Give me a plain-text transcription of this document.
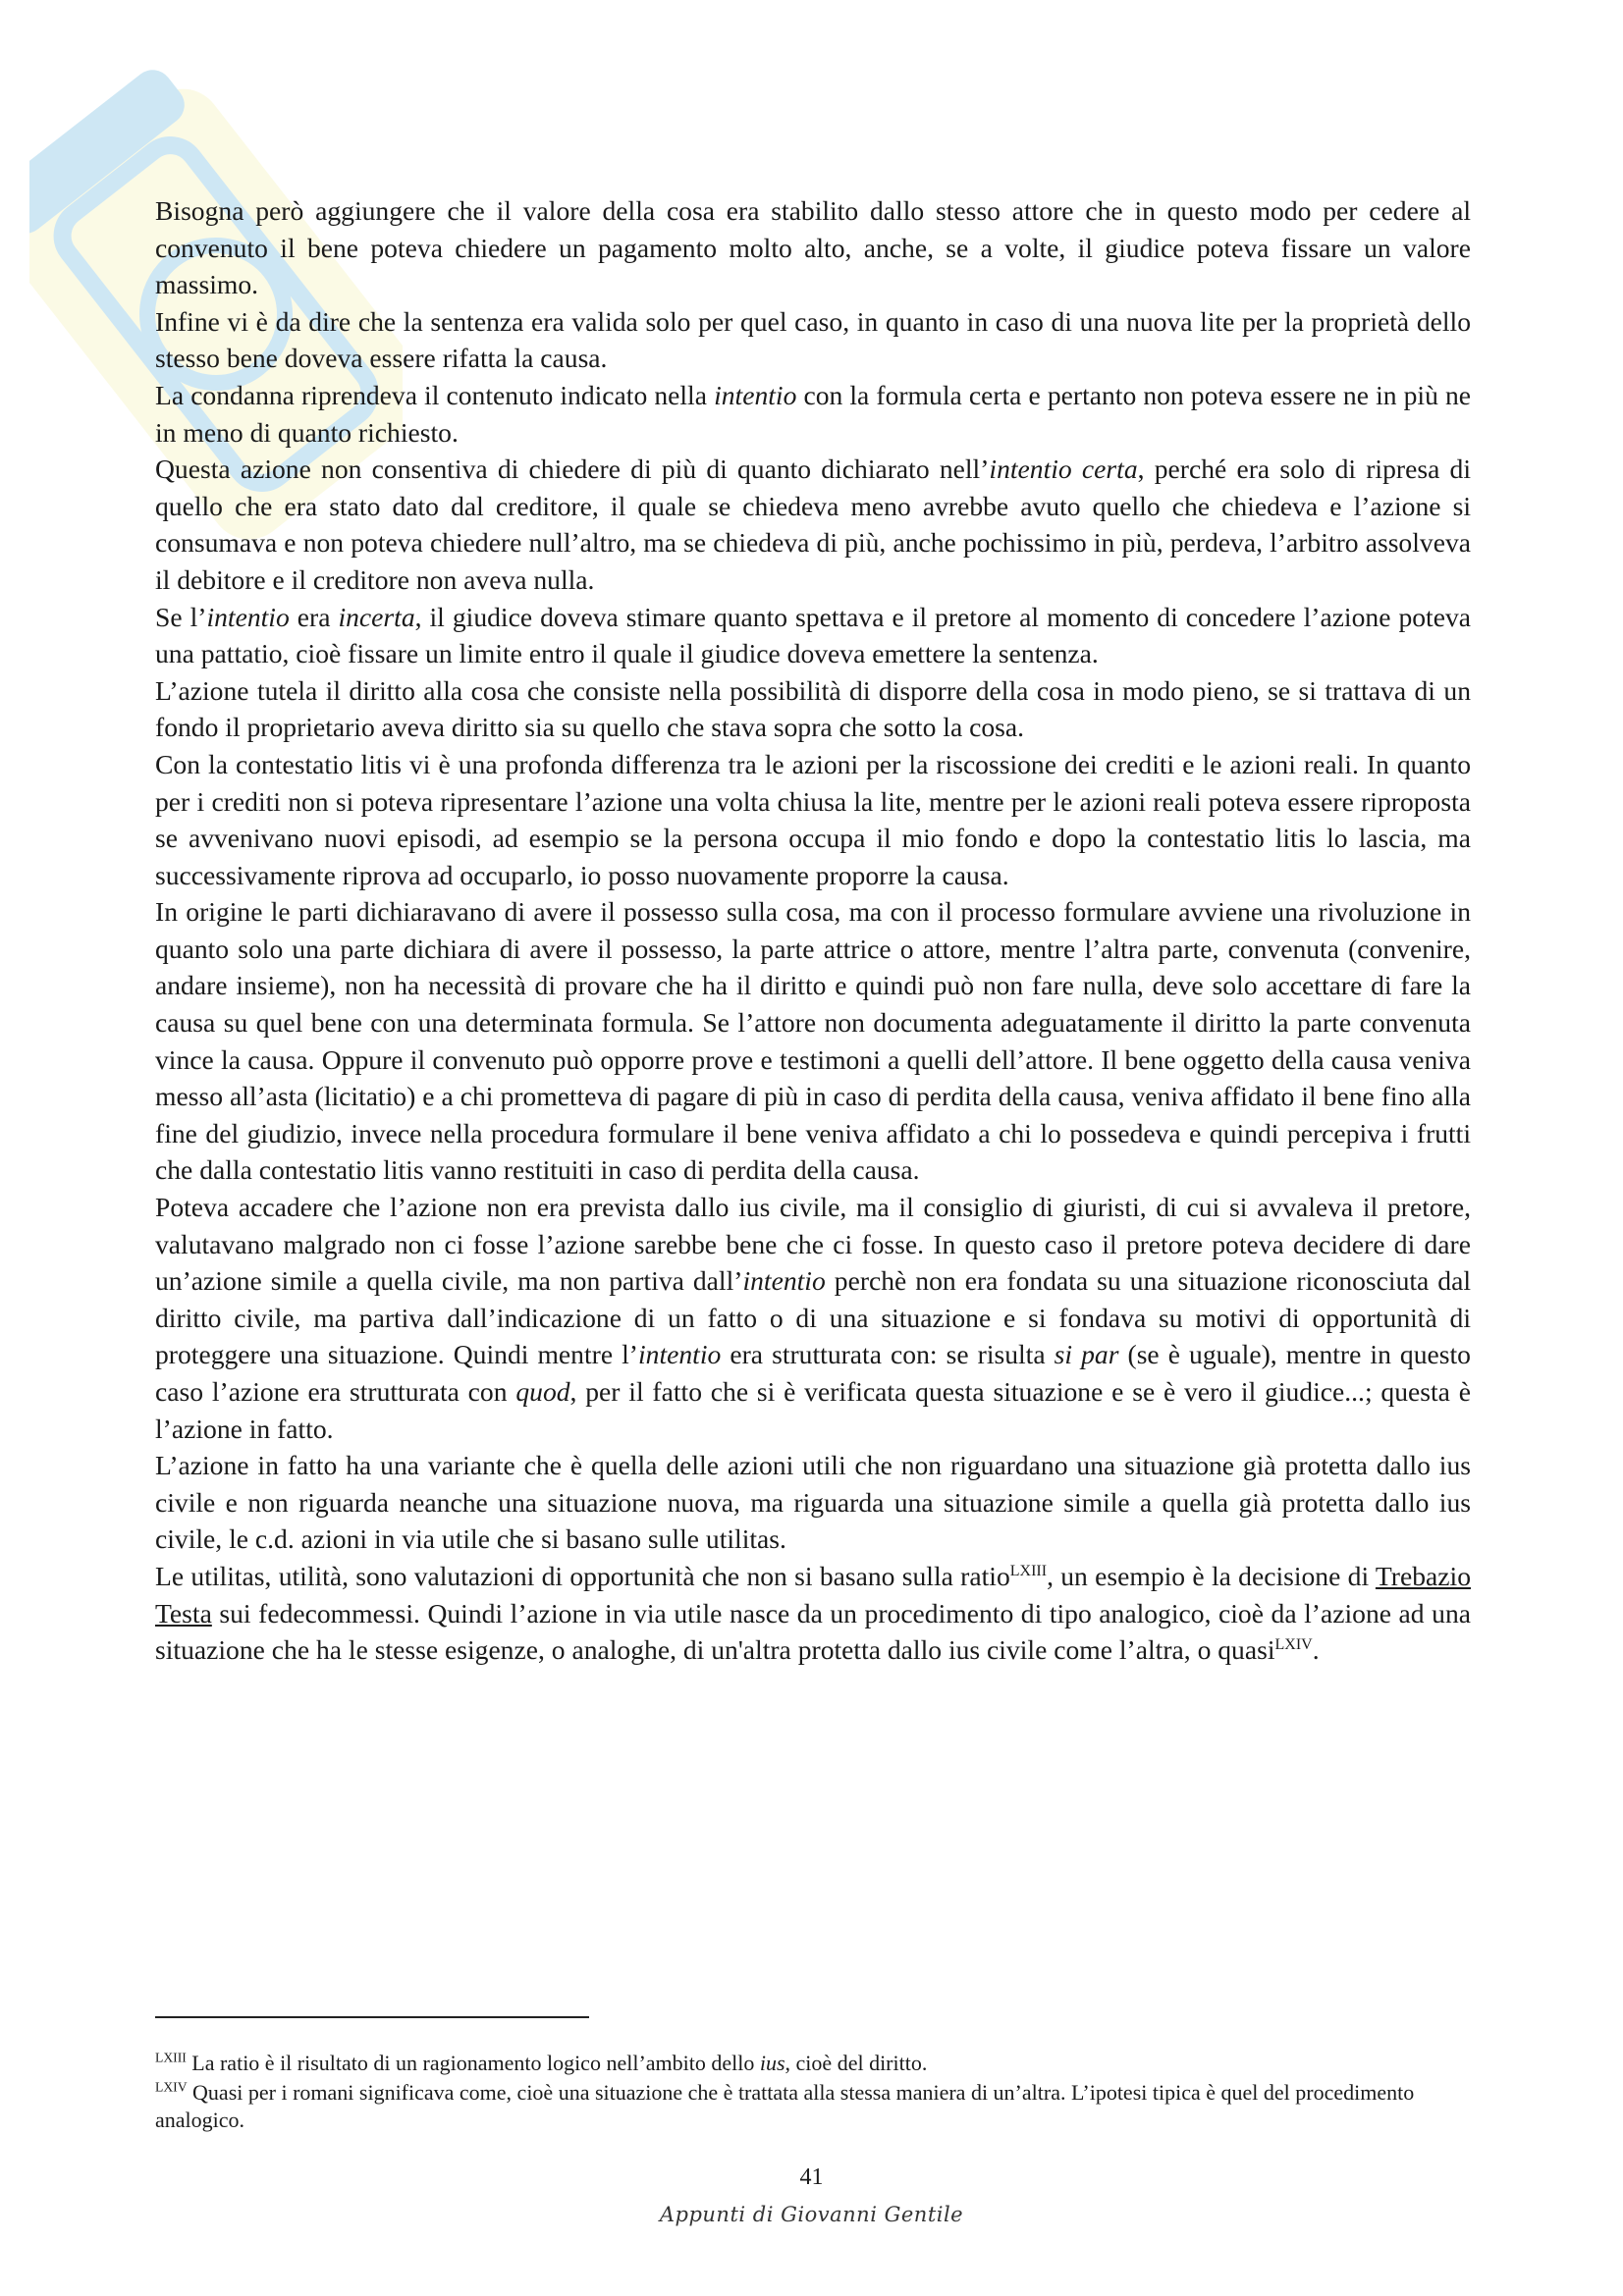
Bisogna però aggiungere che il valore della cosa era stabilito dallo stesso attore che in questo modo per cedere al convenuto il bene poteva chiedere un pagamento molto alto, anche, se a volte, il giudice poteva fissare un valore massimo.

Infine vi è da dire che la sentenza era valida solo per quel caso, in quanto in caso di una nuova lite per la proprietà dello stesso bene doveva essere rifatta la causa.

La condanna riprendeva il contenuto indicato nella intentio con la formula certa e pertanto non poteva essere ne in più ne in meno di quanto richiesto.

Questa azione non consentiva di chiedere di più di quanto dichiarato nell’intentio certa, perché era solo di ripresa di quello che era stato dato dal creditore, il quale se chiedeva meno avrebbe avuto quello che chiedeva e l’azione si consumava e non poteva chiedere null’altro, ma se chiedeva di più, anche pochissimo in più, perdeva, l’arbitro assolveva il debitore e il creditore non aveva nulla.

Se l’intentio era incerta, il giudice doveva stimare quanto spettava e il pretore al momento di concedere l’azione poteva una pattatio, cioè fissare un limite entro il quale il giudice doveva emettere la sentenza.

L’azione tutela il diritto alla cosa che consiste nella possibilità di disporre della cosa in modo pieno, se si trattava di un fondo il proprietario aveva diritto sia su quello che stava sopra che sotto la cosa.

Con la contestatio litis vi è una profonda differenza tra le azioni per la riscossione dei crediti e le azioni reali. In quanto per i crediti non si poteva ripresentare l’azione una volta chiusa la lite, mentre per le azioni reali poteva essere riproposta se avvenivano nuovi episodi, ad esempio se la persona occupa il mio fondo e dopo la contestatio litis lo lascia, ma successivamente riprova ad occuparlo, io posso nuovamente proporre la causa.

In origine le parti dichiaravano di avere il possesso sulla cosa, ma con il processo formulare avviene una rivoluzione in quanto solo una parte dichiara di avere il possesso, la parte attrice o attore, mentre l’altra parte, convenuta (convenire, andare insieme), non ha necessità di provare che ha il diritto e quindi può non fare nulla, deve solo accettare di fare la causa su quel bene con una determinata formula. Se l’attore non documenta adeguatamente il diritto la parte convenuta vince la causa. Oppure il convenuto può opporre prove e testimoni a quelli dell’attore. Il bene oggetto della causa veniva messo all’asta (licitatio) e a chi prometteva di pagare di più in caso di perdita della causa, veniva affidato il bene fino alla fine del giudizio, invece nella procedura formulare il bene veniva affidato a chi lo possedeva e quindi percepiva i frutti che dalla contestatio litis vanno restituiti in caso di perdita della causa.

Poteva accadere che l’azione non era prevista dallo ius civile, ma il consiglio di giuristi, di cui si avvaleva il pretore, valutavano malgrado non ci fosse l’azione sarebbe bene che ci fosse. In questo caso il pretore poteva decidere di dare un’azione simile a quella civile, ma non partiva dall’intentio perchè non era fondata su una situazione riconosciuta dal diritto civile, ma partiva dall’indicazione di un fatto o di una situazione e si fondava su motivi di opportunità di proteggere una situazione. Quindi mentre l’intentio era strutturata con: se risulta si par (se è uguale), mentre in questo caso l’azione era strutturata con quod, per il fatto che si è verificata questa situazione e se è vero il giudice...; questa è l’azione in fatto.

L’azione in fatto ha una variante che è quella delle azioni utili che non riguardano una situazione già protetta dallo ius civile e non riguarda neanche una situazione nuova, ma riguarda una situazione simile a quella già protetta dallo ius civile, le c.d. azioni in via utile che si basano sulle utilitas.

Le utilitas, utilità, sono valutazioni di opportunità che non si basano sulla ratio$^{LXIII}$, un esempio è la decisione di Trebazio Testa sui fedecommessi. Quindi l’azione in via utile nasce da un procedimento di tipo analogico, cioè da l’azione ad una situazione che ha le stesse esigenze, o analoghe, di un'altra protetta dallo ius civile come l’altra, o quasi$^{LXIV}$.

$^{LXIII}$ La ratio è il risultato di un ragionamento logico nell’ambito dello ius, cioè del diritto.

$^{LXIV}$ Quasi per i romani significava come, cioè una situazione che è trattata alla stessa maniera di un’altra. L’ipotesi tipica è quel del procedimento analogico.

41
Appunti di Giovanni Gentile
